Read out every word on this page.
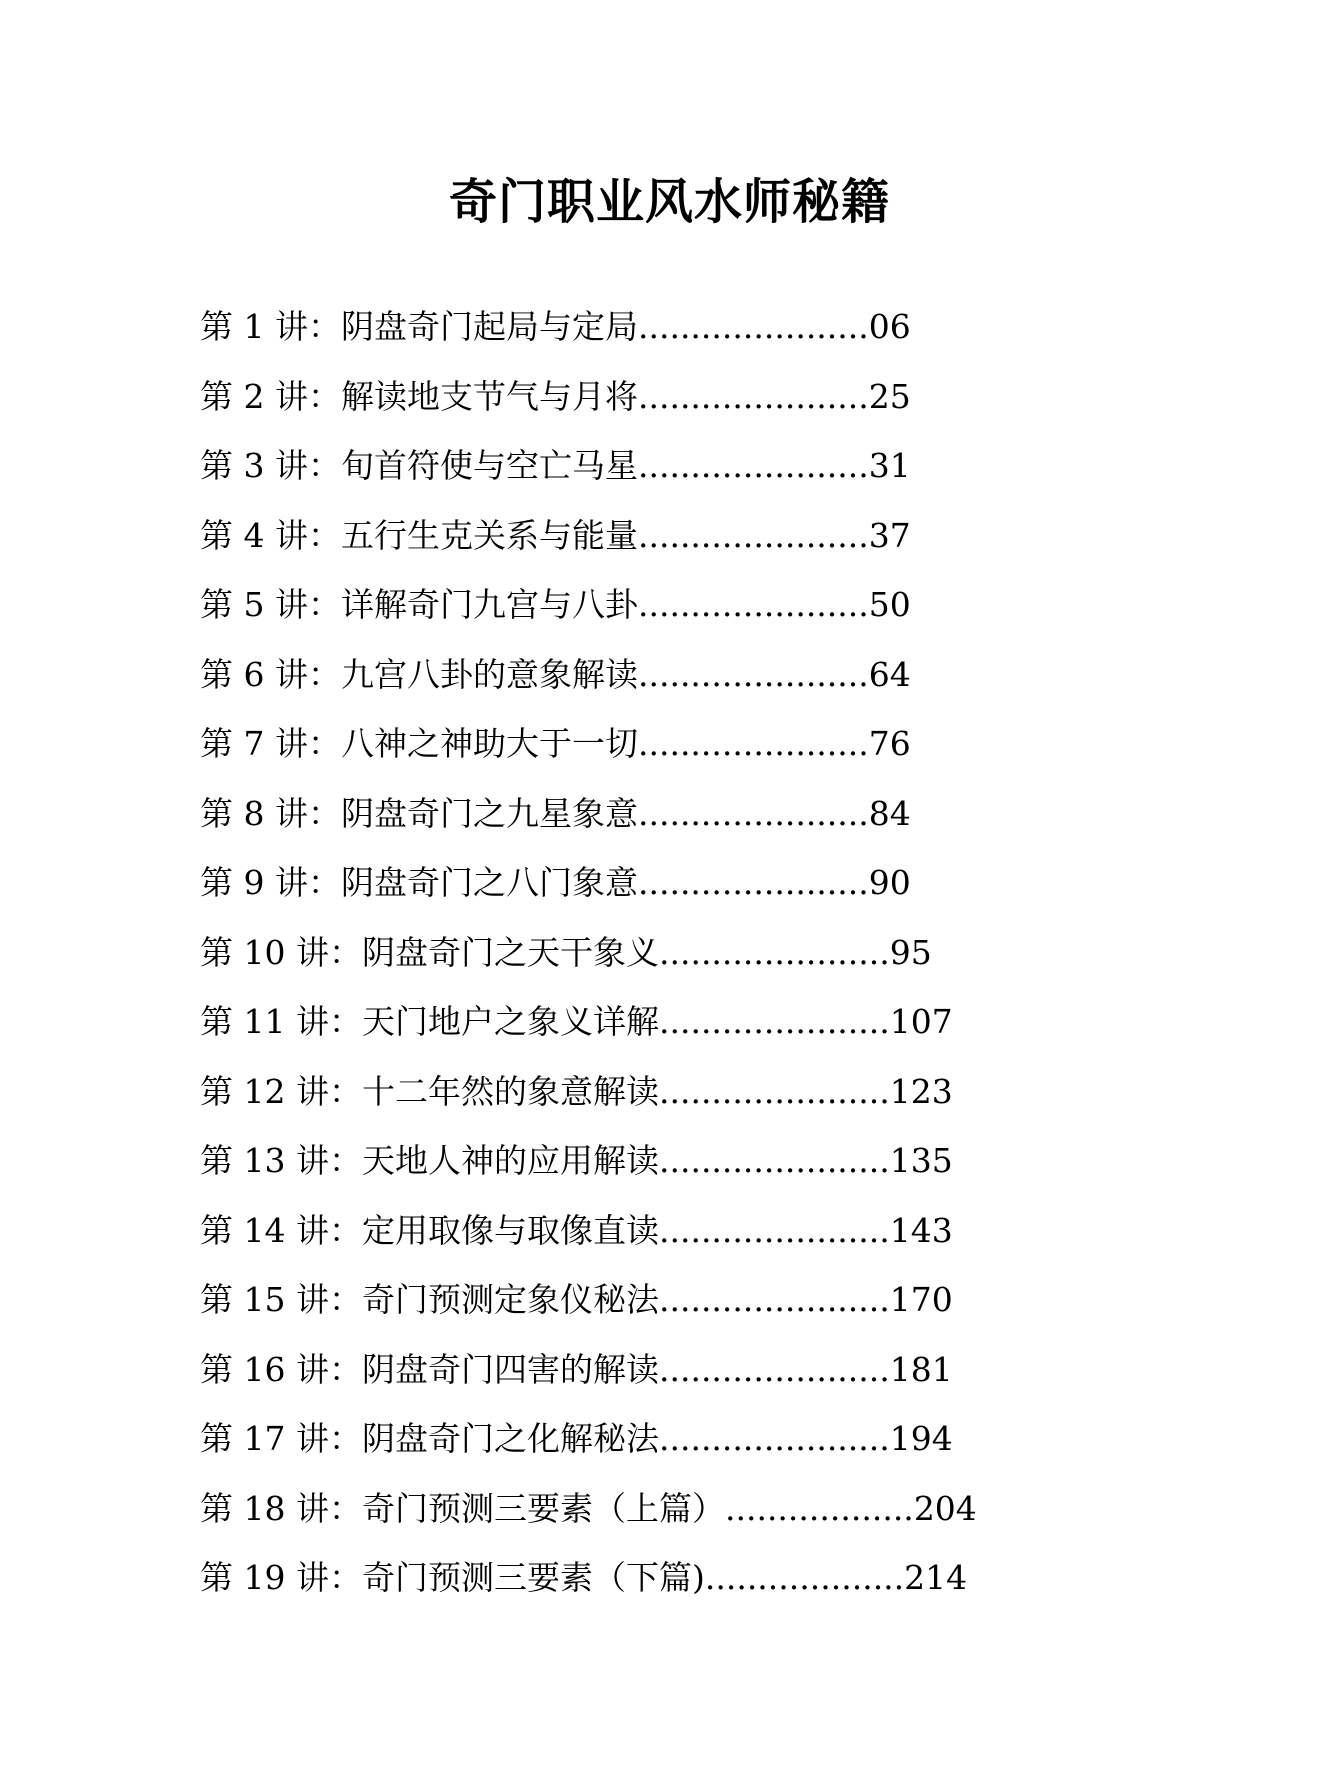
奇门职业风水师秘籍
第 1 讲：阴盘奇门起局与定局......................06
第 2 讲：解读地支节气与月将......................25
第 3 讲：旬首符使与空亡马星......................31
第 4 讲：五行生克关系与能量......................37
第 5 讲：详解奇门九宫与八卦......................50
第 6 讲：九宫八卦的意象解读......................64
第 7 讲：八神之神助大于一切......................76
第 8 讲：阴盘奇门之九星象意......................84
第 9 讲：阴盘奇门之八门象意......................90
第 10 讲：阴盘奇门之天干象义......................95
第 11 讲：天门地户之象义详解......................107
第 12 讲：十二年然的象意解读......................123
第 13 讲：天地人神的应用解读......................135
第 14 讲：定用取像与取像直读......................143
第 15 讲：奇门预测定象仪秘法......................170
第 16 讲：阴盘奇门四害的解读......................181
第 17 讲：阴盘奇门之化解秘法......................194
第 18 讲：奇门预测三要素（上篇）..................204
第 19 讲：奇门预测三要素（下篇)...................214
